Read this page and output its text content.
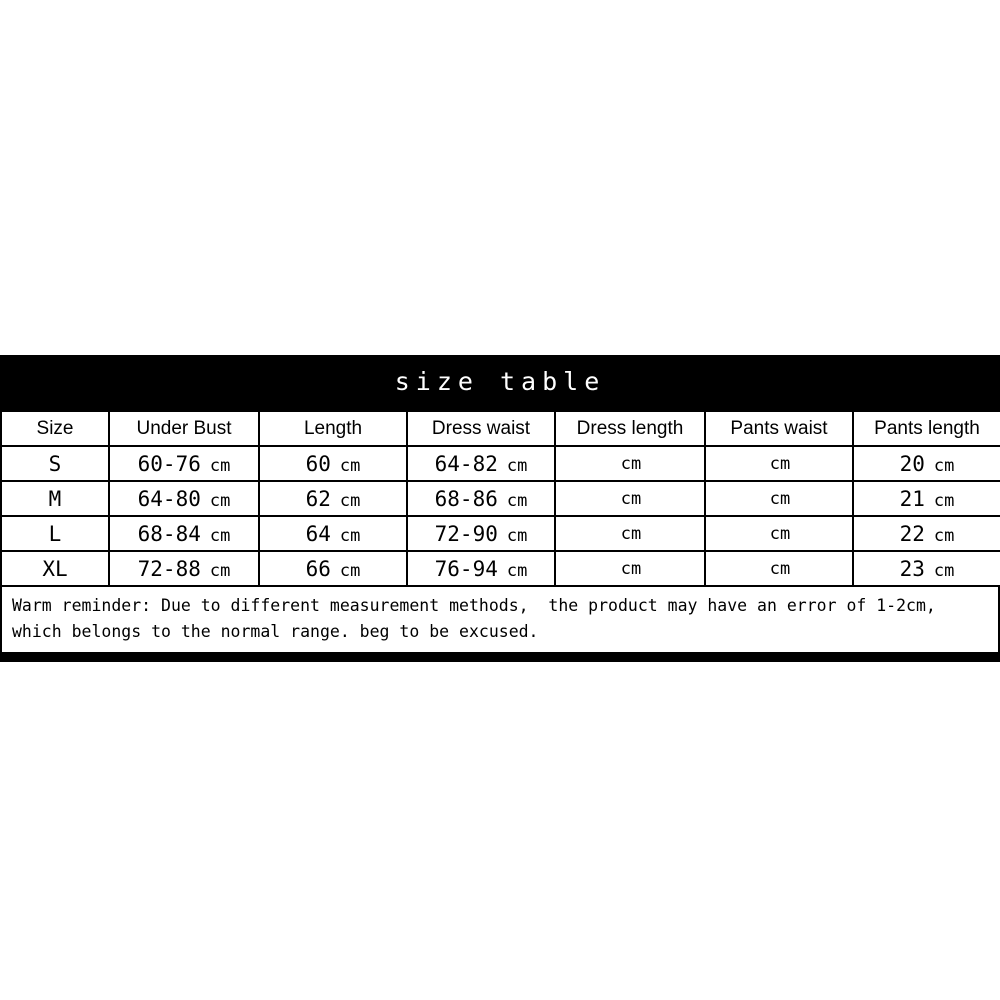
size table
Size	Under Bust	Length	Dress waist	Dress length	Pants waist	Pants length
S	60-76 cm	60 cm	64-82 cm	cm	cm	20 cm

M	64-80 cm	62 cm	68-86 cm	cm	cm	21 cm

L	68-84 cm	64 cm	72-90 cm	cm	cm	22 cm

XL	72-88 cm	66 cm	76-94 cm	cm	cm	23 cm
Warm reminder: Due to different measurement methods,  the product may have an error of 1-2cm,
which belongs to the normal range. beg to be excused.
